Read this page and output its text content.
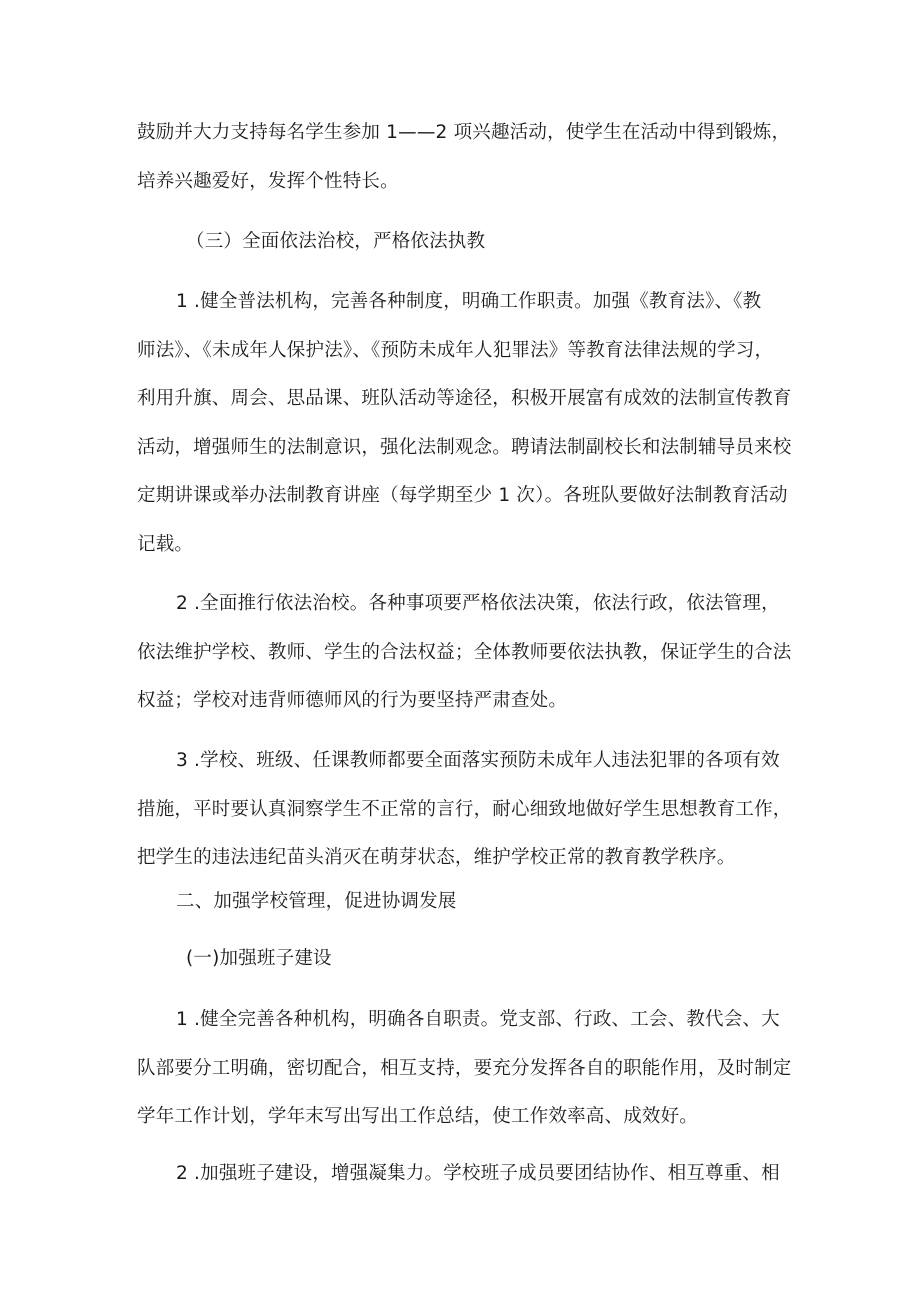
鼓励并大力支持每名学生参加 1——2 项兴趣活动，使学生在活动中得到锻炼，

培养兴趣爱好，发挥个性特长。

（三）全面依法治校，严格依法执教

1 .健全普法机构，完善各种制度，明确工作职责。加强《教育法》、《教

师法》、《未成年人保护法》、《预防未成年人犯罪法》等教育法律法规的学习，

利用升旗、周会、思品课、班队活动等途径，积极开展富有成效的法制宣传教育

活动，增强师生的法制意识，强化法制观念。聘请法制副校长和法制辅导员来校

定期讲课或举办法制教育讲座（每学期至少 1 次）。各班队要做好法制教育活动

记载。

2 .全面推行依法治校。各种事项要严格依法决策，依法行政，依法管理，

依法维护学校、教师、学生的合法权益；全体教师要依法执教，保证学生的合法

权益；学校对违背师德师风的行为要坚持严肃查处。

3 .学校、班级、任课教师都要全面落实预防未成年人违法犯罪的各项有效

措施，平时要认真洞察学生不正常的言行，耐心细致地做好学生思想教育工作，

把学生的违法违纪苗头消灭在萌芽状态，维护学校正常的教育教学秩序。

二、加强学校管理，促进协调发展

(一)加强班子建设

1 .健全完善各种机构，明确各自职责。党支部、行政、工会、教代会、大

队部要分工明确，密切配合，相互支持，要充分发挥各自的职能作用，及时制定

学年工作计划，学年末写出写出工作总结，使工作效率高、成效好。

2 .加强班子建设，增强凝集力。学校班子成员要团结协作、相互尊重、相
